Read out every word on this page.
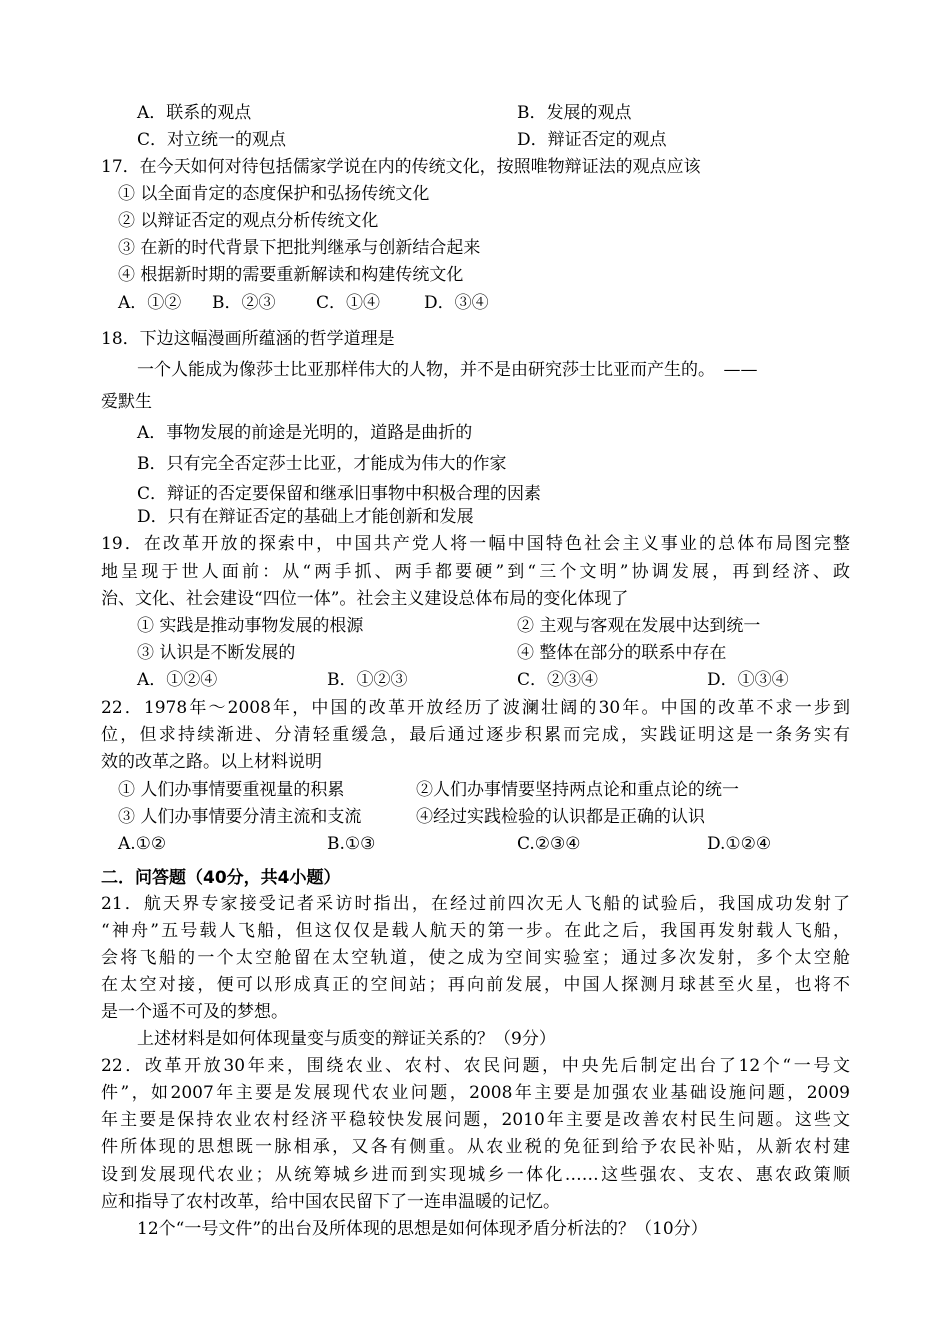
A．联系的观点	B．发展的观点
C．对立统一的观点	D．辩证否定的观点
17．在今天如何对待包括儒家学说在内的传统文化，按照唯物辩证法的观点应该
① 以全面肯定的态度保护和弘扬传统文化
② 以辩证否定的观点分析传统文化
③ 在新的时代背景下把批判继承与创新结合起来
④ 根据新时期的需要重新解读和构建传统文化
A．①② B．②③ C．①④	D．③④
18．下边这幅漫画所蕴涵的哲学道理是
一个人能成为像莎士比亚那样伟大的人物，并不是由研究莎士比亚而产生的。　——
爱默生
A．事物发展的前途是光明的，道路是曲折的
B．只有完全否定莎士比亚，才能成为伟大的作家
C．辩证的否定要保留和继承旧事物中积极合理的因素
D．只有在辩证否定的基础上才能创新和发展
19．在改革开放的探索中，中国共产党人将一幅中国特色社会主义事业的总体布局图完整
地呈现于世人面前：从“两手抓、两手都要硬”到“三个文明”协调发展，再到经济、政
治、文化、社会建设“四位一体”。社会主义建设总体布局的变化体现了
① 实践是推动事物发展的根源	② 主观与客观在发展中达到统一
③ 认识是不断发展的	④ 整体在部分的联系中存在
A．①②④	B．①②③	C．②③④	D．①③④
22．1978年～2008年，中国的改革开放经历了波澜壮阔的30年。中国的改革不求一步到
位，但求持续渐进、分清轻重缓急，最后通过逐步积累而完成，实践证明这是一条务实有
效的改革之路。以上材料说明
① 人们办事情要重视量的积累	②人们办事情要坚持两点论和重点论的统一
③ 人们办事情要分清主流和支流	④经过实践检验的认识都是正确的认识
A.①②	B.①③	C.②③④	D.①②④
二．问答题（40分，共4小题）
21．航天界专家接受记者采访时指出，在经过前四次无人飞船的试验后，我国成功发射了
“神舟”五号载人飞船，但这仅仅是载人航天的第一步。在此之后，我国再发射载人飞船，
会将飞船的一个太空舱留在太空轨道，使之成为空间实验室；通过多次发射，多个太空舱
在太空对接，便可以形成真正的空间站；再向前发展，中国人探测月球甚至火星，也将不
是一个遥不可及的梦想。
上述材料是如何体现量变与质变的辩证关系的？（9分）
22．改革开放30年来，围绕农业、农村、农民问题，中央先后制定出台了12个“一号文
件”，如2007年主要是发展现代农业问题，2008年主要是加强农业基础设施问题，2009
年主要是保持农业农村经济平稳较快发展问题，2010年主要是改善农村民生问题。这些文
件所体现的思想既一脉相承，又各有侧重。从农业税的免征到给予农民补贴，从新农村建
设到发展现代农业；从统筹城乡进而到实现城乡一体化……这些强农、支农、惠农政策顺
应和指导了农村改革，给中国农民留下了一连串温暖的记忆。
12个“一号文件”的出台及所体现的思想是如何体现矛盾分析法的？（10分）
